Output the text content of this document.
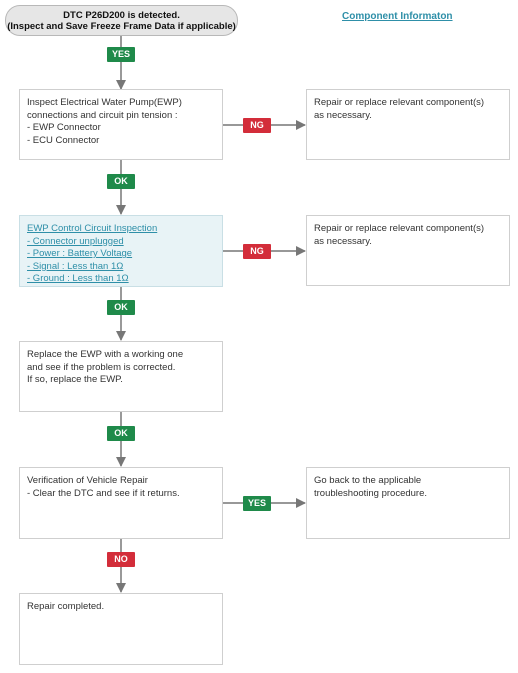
DTC P26D200 is detected.
(Inspect and Save Freeze Frame Data if applicable)
Component Informaton
Inspect Electrical Water Pump(EWP)
connections and circuit pin tension :
- EWP Connector
- ECU Connector
Repair or replace relevant component(s)
as necessary.
EWP Control Circuit Inspection
- Connector unplugged
- Power : Battery Voltage
- Signal : Less than 1Ω
- Ground : Less than 1Ω
Repair or replace relevant component(s)
as necessary.
Replace the EWP with a working one
and see if the problem is corrected.
If so, replace the EWP.
Verification of Vehicle Repair
- Clear the DTC and see if it returns.
Go back to the applicable
troubleshooting procedure.
Repair completed.
YES
NG
OK
NG
OK
OK
YES
NO
